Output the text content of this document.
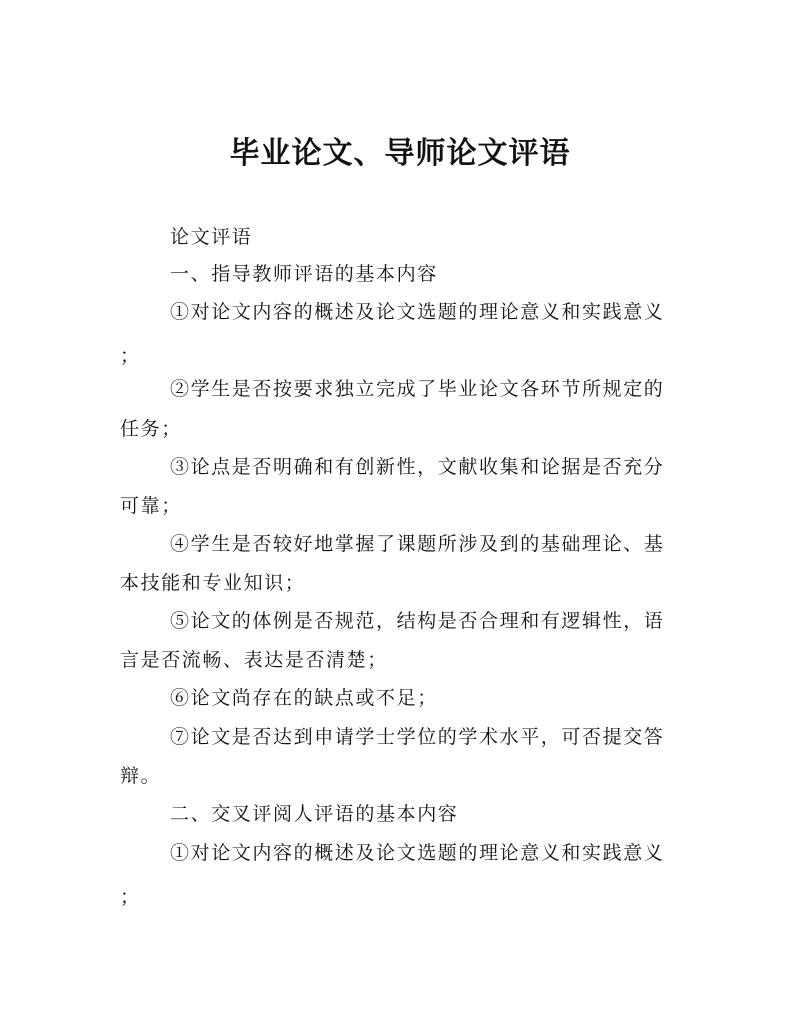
毕业论文、导师论文评语

论文评语

一、指导教师评语的基本内容

①对论文内容的概述及论文选题的理论意义和实践意义

；

②学生是否按要求独立完成了毕业论文各环节所规定的

任务；

③论点是否明确和有创新性，文献收集和论据是否充分

可靠；

④学生是否较好地掌握了课题所涉及到的基础理论、基

本技能和专业知识；

⑤论文的体例是否规范，结构是否合理和有逻辑性，语

言是否流畅、表达是否清楚；

⑥论文尚存在的缺点或不足；

⑦论文是否达到申请学士学位的学术水平，可否提交答

辩。

二、交叉评阅人评语的基本内容

①对论文内容的概述及论文选题的理论意义和实践意义

；
